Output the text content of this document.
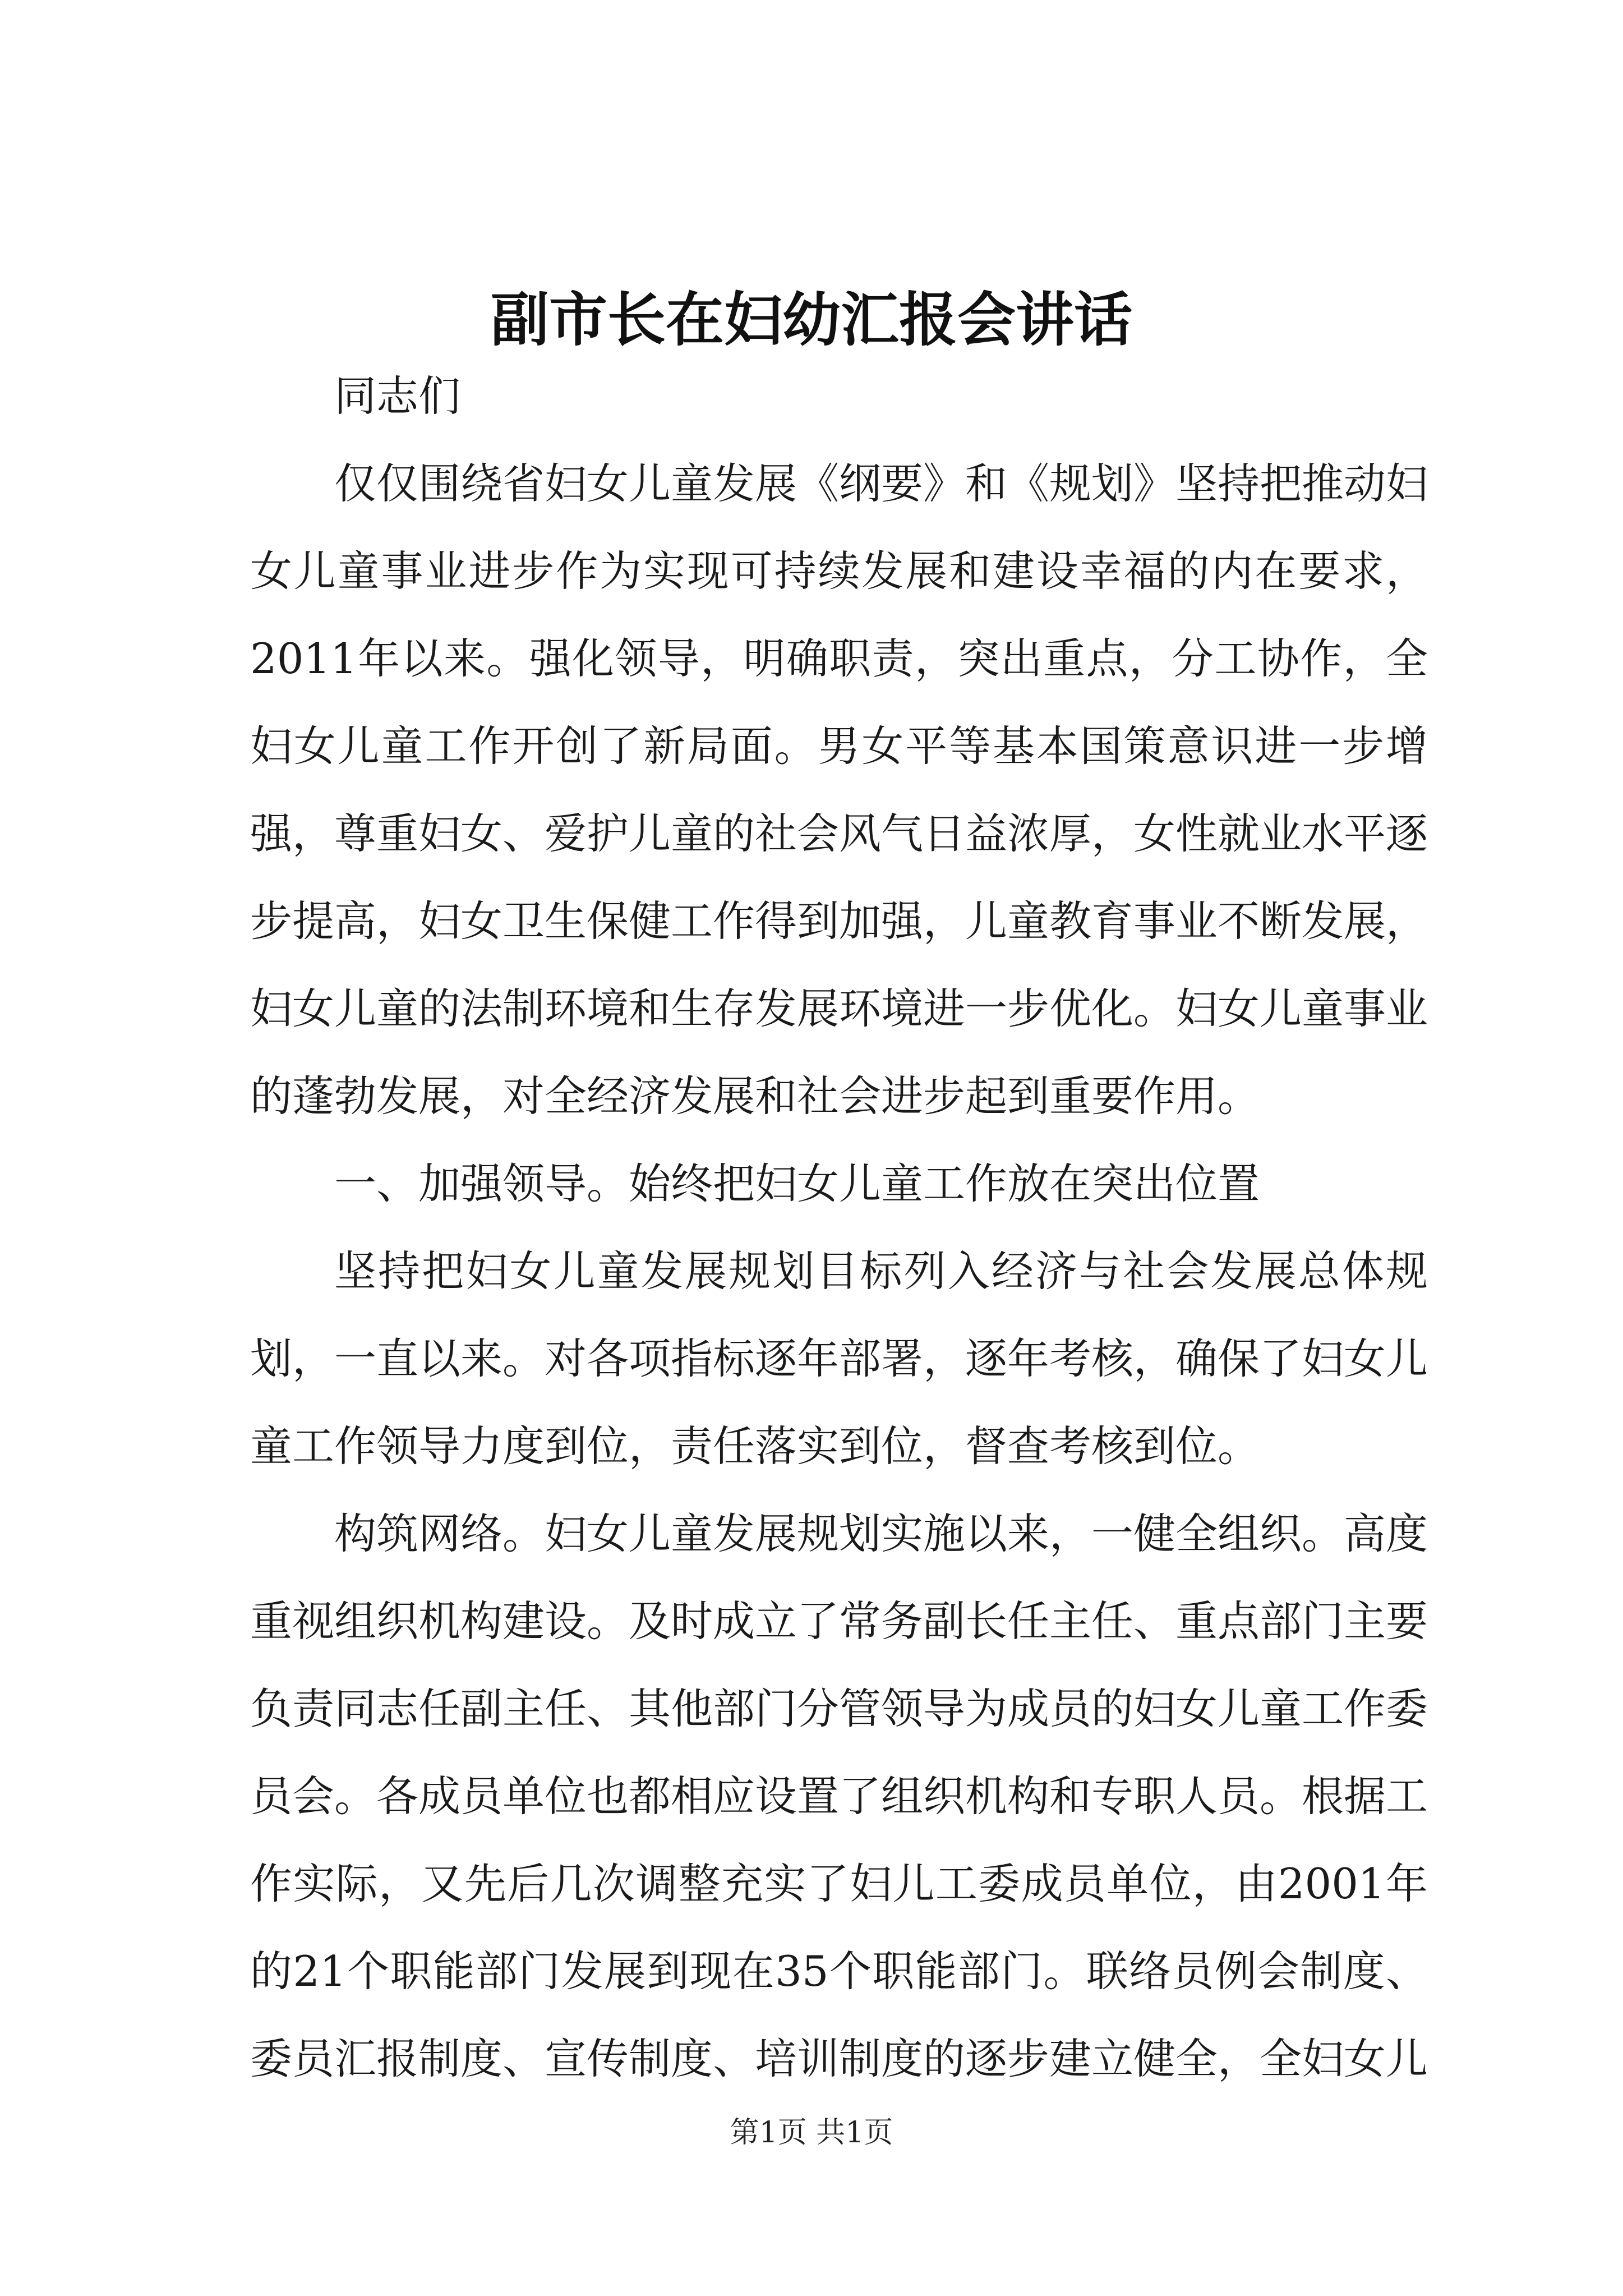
副市长在妇幼汇报会讲话

同志们

仅仅围绕省妇女儿童发展《纲要》和《规划》坚持把推动妇女儿童事业进步作为实现可持续发展和建设幸福的内在要求，2011年以来。强化领导，明确职责，突出重点，分工协作，全妇女儿童工作开创了新局面。男女平等基本国策意识进一步增强，尊重妇女、爱护儿童的社会风气日益浓厚，女性就业水平逐步提高，妇女卫生保健工作得到加强，儿童教育事业不断发展，妇女儿童的法制环境和生存发展环境进一步优化。妇女儿童事业的蓬勃发展，对全经济发展和社会进步起到重要作用。

一、加强领导。始终把妇女儿童工作放在突出位置

坚持把妇女儿童发展规划目标列入经济与社会发展总体规划，一直以来。对各项指标逐年部署，逐年考核，确保了妇女儿童工作领导力度到位，责任落实到位，督查考核到位。

构筑网络。妇女儿童发展规划实施以来，一健全组织。高度重视组织机构建设。及时成立了常务副长任主任、重点部门主要负责同志任副主任、其他部门分管领导为成员的妇女儿童工作委员会。各成员单位也都相应设置了组织机构和专职人员。根据工作实际，又先后几次调整充实了妇儿工委成员单位，由2001年的21个职能部门发展到现在35个职能部门。联络员例会制度、委员汇报制度、宣传制度、培训制度的逐步建立健全，全妇女儿

第1页 共1页
